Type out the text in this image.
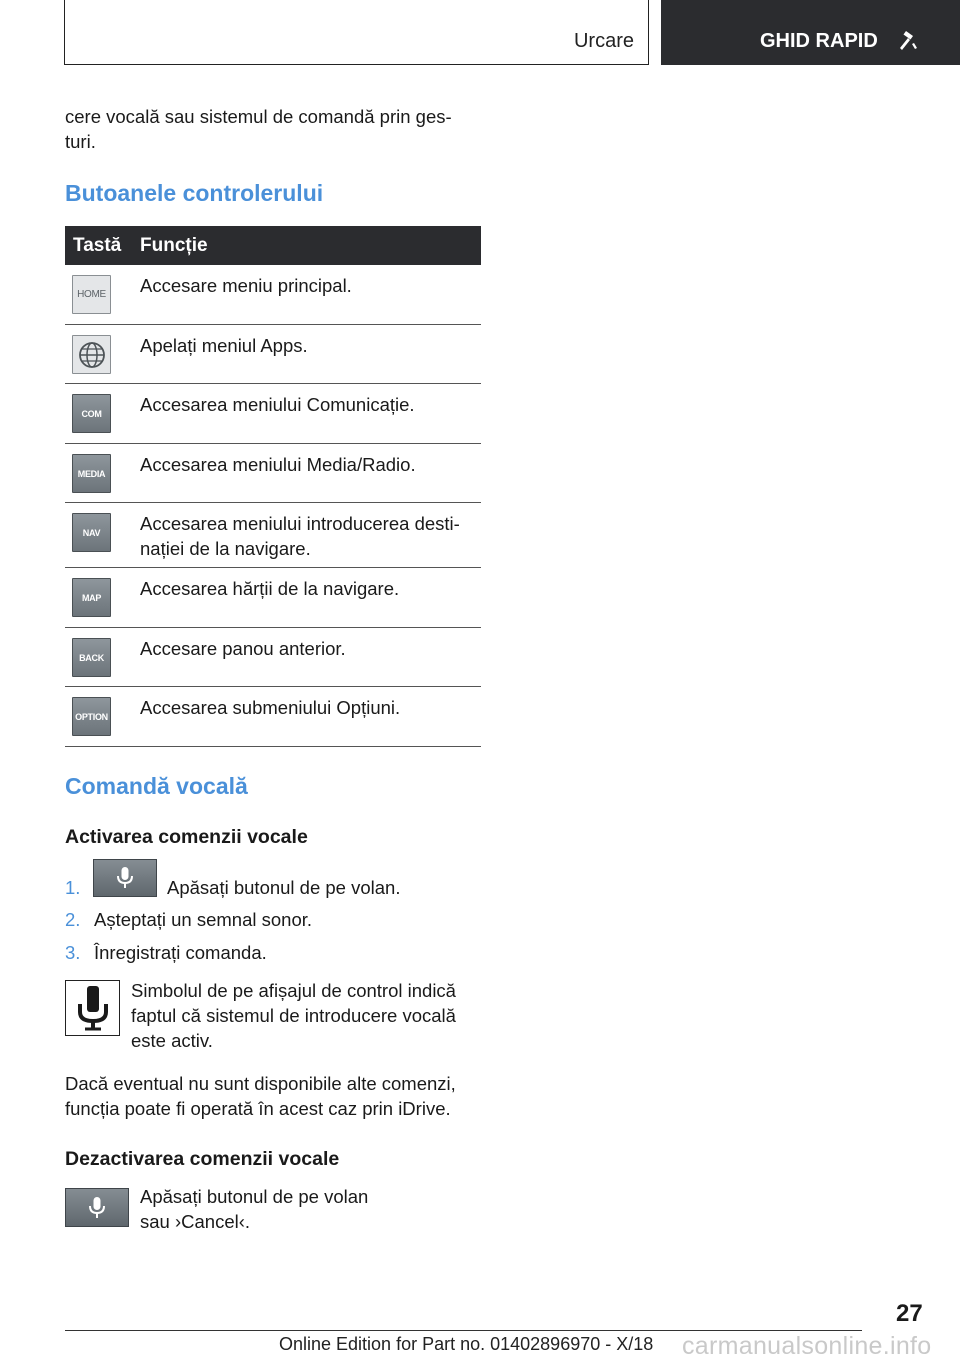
Urcare	GHID RAPID
cere vocală sau sistemul de comandă prin ges-
turi.
Butoanele controlerului
Tastă Funcție
HOME Accesare meniu principal.
Apelați meniul Apps.
COM	Accesarea meniului Comunicație.
MEDIA	Accesarea meniului Media/Radio.
NAV	Accesarea meniului introducerea desti-
nației de la navigare.
MAP	Accesarea hărții de la navigare.
BACK	Accesare panou anterior.
OPTION Accesarea submeniului Opțiuni.
Comandă vocală
Activarea comenzii vocale
1.	Apăsați butonul de pe volan.
2. Așteptați un semnal sonor.
3. Înregistrați comanda.
Simbolul de pe afișajul de control indică
faptul că sistemul de introducere vocală
este activ.
Dacă eventual nu sunt disponibile alte comenzi,
funcția poate fi operată în acest caz prin iDrive.
Dezactivarea comenzii vocale
Apăsați butonul de pe volan
sau ›Cancel‹.
27
Online Edition for Part no. 01402896970 - X/18 carmanualsonline.info
